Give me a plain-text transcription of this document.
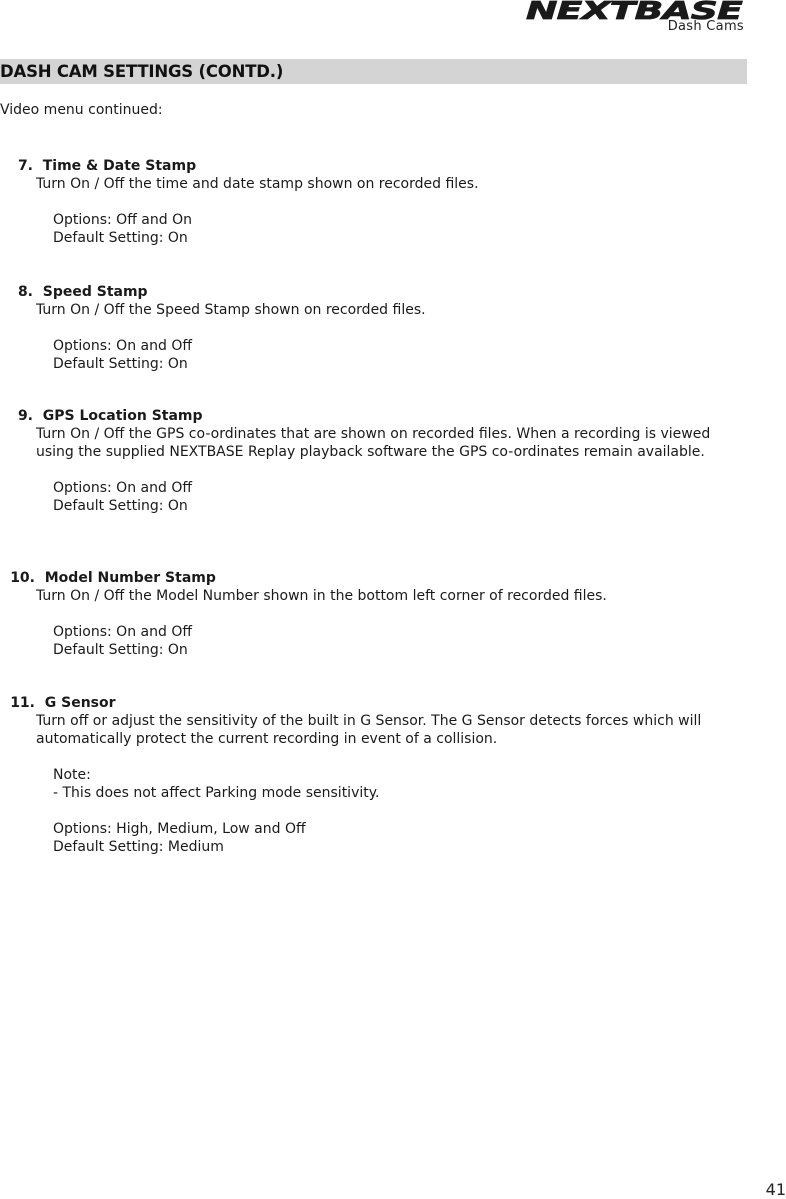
NEXTBASE
Dash Cams
DASH CAM SETTINGS (CONTD.)
Video menu continued:
7. Time & Date Stamp
Turn On / Off the time and date stamp shown on recorded files.
Options: Off and On
Default Setting: On
8. Speed Stamp
Turn On / Off the Speed Stamp shown on recorded files.
Options: On and Off
Default Setting: On
9. GPS Location Stamp
Turn On / Off the GPS co-ordinates that are shown on recorded files. When a recording is viewed using the supplied NEXTBASE Replay playback software the GPS co-ordinates remain available.
Options: On and Off
Default Setting: On
10. Model Number Stamp
Turn On / Off the Model Number shown in the bottom left corner of recorded files.
Options: On and Off
Default Setting: On
11. G Sensor
Turn off or adjust the sensitivity of the built in G Sensor. The G Sensor detects forces which will automatically protect the current recording in event of a collision.
Note:
- This does not affect Parking mode sensitivity.
Options: High, Medium, Low and Off
Default Setting: Medium
41
